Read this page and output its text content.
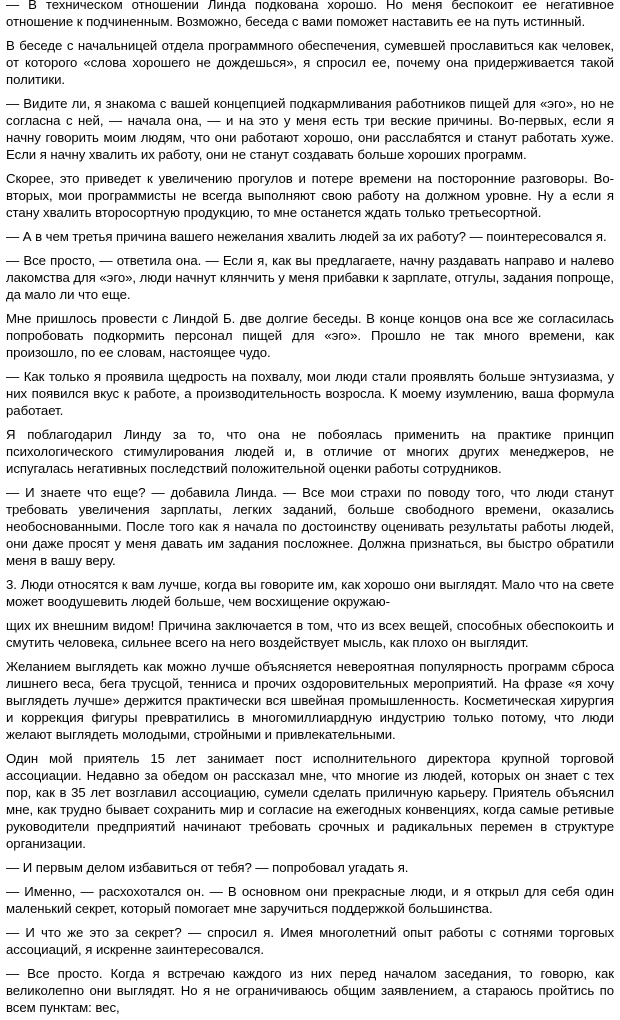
— В техническом отношении Линда подкована хорошо. Но меня беспокоит ее негативное отношение к подчиненным. Возможно, беседа с вами поможет наставить ее на путь истинный.

В беседе с начальницей отдела программного обеспечения, сумевшей прославиться как человек, от которого «слова хорошего не дождешься», я спросил ее, почему она придерживается такой политики.

— Видите ли, я знакома с вашей концепцией подкармливания работников пищей для «эго», но не согласна с ней, — начала она, — и на это у меня есть три веские причины. Во-первых, если я начну говорить моим людям, что они работают хорошо, они расслабятся и станут работать хуже. Если я начну хвалить их работу, они не станут создавать больше хороших программ.

Скорее, это приведет к увеличению прогулов и потере времени на посторонние разговоры. Во-вторых, мои программисты не всегда выполняют свою работу на должном уровне. Ну а если я стану хвалить второсортную продукцию, то мне останется ждать только третьесортной.

— А в чем третья причина вашего нежелания хвалить людей за их работу? — поинтересовался я.

— Все просто, — ответила она. — Если я, как вы предлагаете, начну раздавать направо и налево лакомства для «эго», люди начнут клянчить у меня прибавки к зарплате, отгулы, задания попроще, да мало ли что еще.

Мне пришлось провести с Линдой Б. две долгие беседы. В конце концов она все же согласилась попробовать подкормить персонал пищей для «эго». Прошло не так много времени, как произошло, по ее словам, настоящее чудо.

— Как только я проявила щедрость на похвалу, мои люди стали проявлять больше энтузиазма, у них появился вкус к работе, а производительность возросла. К моему изумлению, ваша формула работает.

Я поблагодарил Линду за то, что она не побоялась применить на практике принцип психологического стимулирования людей и, в отличие от многих других менеджеров, не испугалась негативных последствий положительной оценки работы сотрудников.

— И знаете что еще? — добавила Линда. — Все мои страхи по поводу того, что люди станут требовать увеличения зарплаты, легких заданий, больше свободного времени, оказались необоснованными. После того как я начала по достоинству оценивать результаты работы людей, они даже просят у меня давать им задания посложнее. Должна признаться, вы быстро обратили меня в вашу веру.

3. Люди относятся к вам лучше, когда вы говорите им, как хорошо они выглядят. Мало что на свете может воодушевить людей больше, чем восхищение окружаю-

щих их внешним видом! Причина заключается в том, что из всех вещей, способных обеспокоить и смутить человека, сильнее всего на него воздействует мысль, как плохо он выглядит.

Желанием выглядеть как можно лучше объясняется невероятная популярность программ сброса лишнего веса, бега трусцой, тенниса и прочих оздоровительных мероприятий. На фразе «я хочу выглядеть лучше» держится практически вся швейная промышленность. Косметическая хирургия и коррекция фигуры превратились в многомиллиардную индустрию только потому, что люди желают выглядеть молодыми, стройными и привлекательными.

Один мой приятель 15 лет занимает пост исполнительного директора крупной торговой ассоциации. Недавно за обедом он рассказал мне, что многие из людей, которых он знает с тех пор, как в 35 лет возглавил ассоциацию, сумели сделать приличную карьеру. Приятель объяснил мне, как трудно бывает сохранить мир и согласие на ежегодных конвенциях, когда самые ретивые руководители предприятий начинают требовать срочных и радикальных перемен в структуре организации.

— И первым делом избавиться от тебя? — попробовал угадать я.

— Именно, — расхохотался он. — В основном они прекрасные люди, и я открыл для себя один маленький секрет, который помогает мне заручиться поддержкой большинства.

— И что же это за секрет? — спросил я. Имея многолетний опыт работы с сотнями торговых ассоциаций, я искренне заинтересовался.

— Все просто. Когда я встречаю каждого из них перед началом заседания, то говорю, как великолепно они выглядят. Но я не ограничиваюсь общим заявлением, а стараюсь пройтись по всем пунктам: вес,
